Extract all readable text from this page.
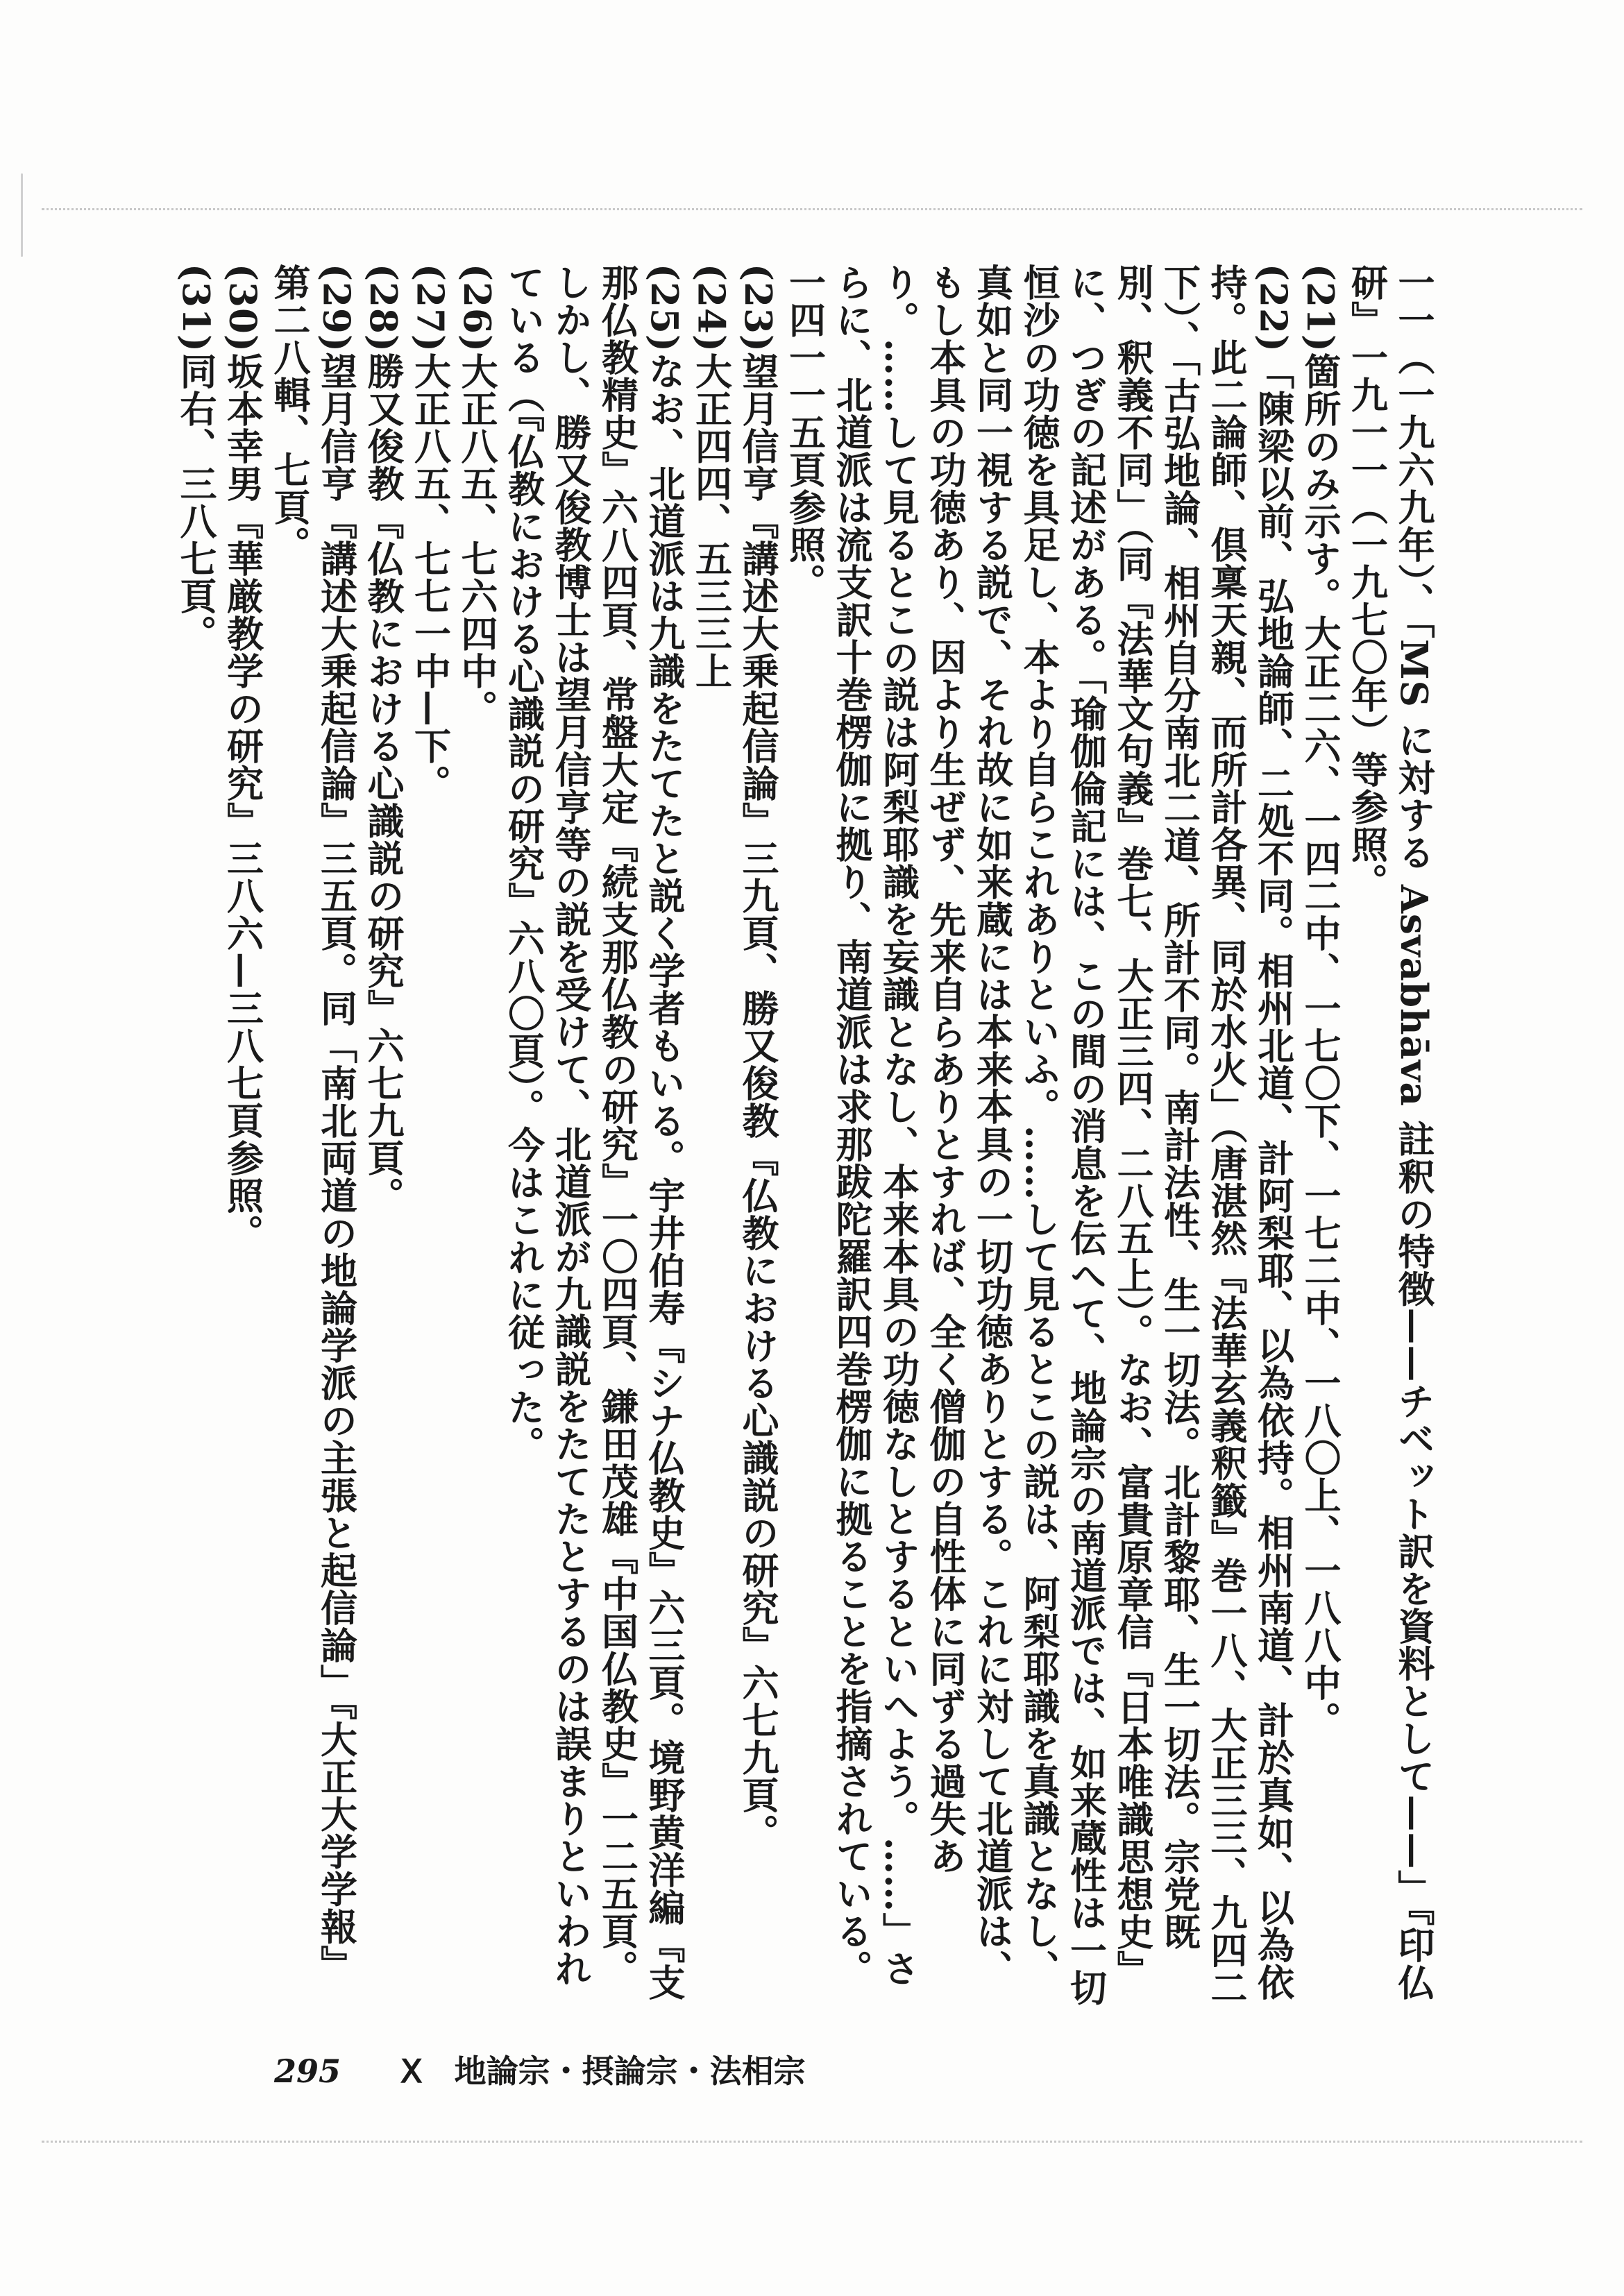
一一（一九六九年）、「MS に対する Asvabhāva 註釈の特徴——チベット訳を資料として——」『印仏研』一九一一（一九七〇年）等参照。

(21)箇所のみ示す。大正二六、一四二中、一七〇下、一七二中、一八〇上、一八八中。

(22)「陳梁以前、弘地論師、二処不同。相州北道、計阿梨耶、以為依持。相州南道、計於真如、以為依持。此二論師、倶稟天親、而所計各異、同於水火」（唐湛然『法華玄義釈籤』巻一八、大正三三、九四二下）、「古弘地論、相州自分南北二道、所計不同。南計法性、生一切法。北計黎耶、生一切法。宗党既別、釈義不同」（同『法華文句義』巻七、大正三四、二八五上）。なお、富貴原章信『日本唯識思想史』に、つぎの記述がある。「瑜伽倫記には、この間の消息を伝へて、地論宗の南道派では、如来蔵性は一切恒沙の功徳を具足し、本より自らこれありといふ。……して見るとこの説は、阿梨耶識を真識となし、真如と同一視する説で、それ故に如来蔵には本来本具の一切功徳ありとする。これに対して北道派は、もし本具の功徳あり、因より生ぜず、先来自らありとすれば、全く僧伽の自性体に同ずる過失あり。……して見るとこの説は阿梨耶識を妄識となし、本来本具の功徳なしとするといへよう。……」さらに、北道派は流支訳十巻楞伽に拠り、南道派は求那跋陀羅訳四巻楞伽に拠ることを指摘されている。一四一一五頁参照。

(23)望月信亨『講述大乗起信論』三九頁、勝又俊教『仏教における心識説の研究』六七九頁。

(24)大正四四、五三三上

(25)なお、北道派は九識をたてたと説く学者もいる。宇井伯寿『シナ仏教史』六三頁。境野黄洋編『支那仏教精史』六八四頁、常盤大定『続支那仏教の研究』一〇四頁、鎌田茂雄『中国仏教史』一二五頁。しかし、勝又俊教博士は望月信亨等の説を受けて、北道派が九識説をたてたとするのは誤まりといわれている（『仏教における心識説の研究』六八〇頁）。今はこれに従った。

(26)大正八五、七六四中。

(27)大正八五、七七一中—下。

(28)勝又俊教『仏教における心識説の研究』六七九頁。

(29)望月信亨『講述大乗起信論』三五頁。同「南北両道の地論学派の主張と起信論」『大正大学学報』第二八輯、七頁。

(30)坂本幸男『華厳教学の研究』三八六—三八七頁参照。

(31)同右、三八七頁。

295 Ⅹ 地論宗・摂論宗・法相宗
